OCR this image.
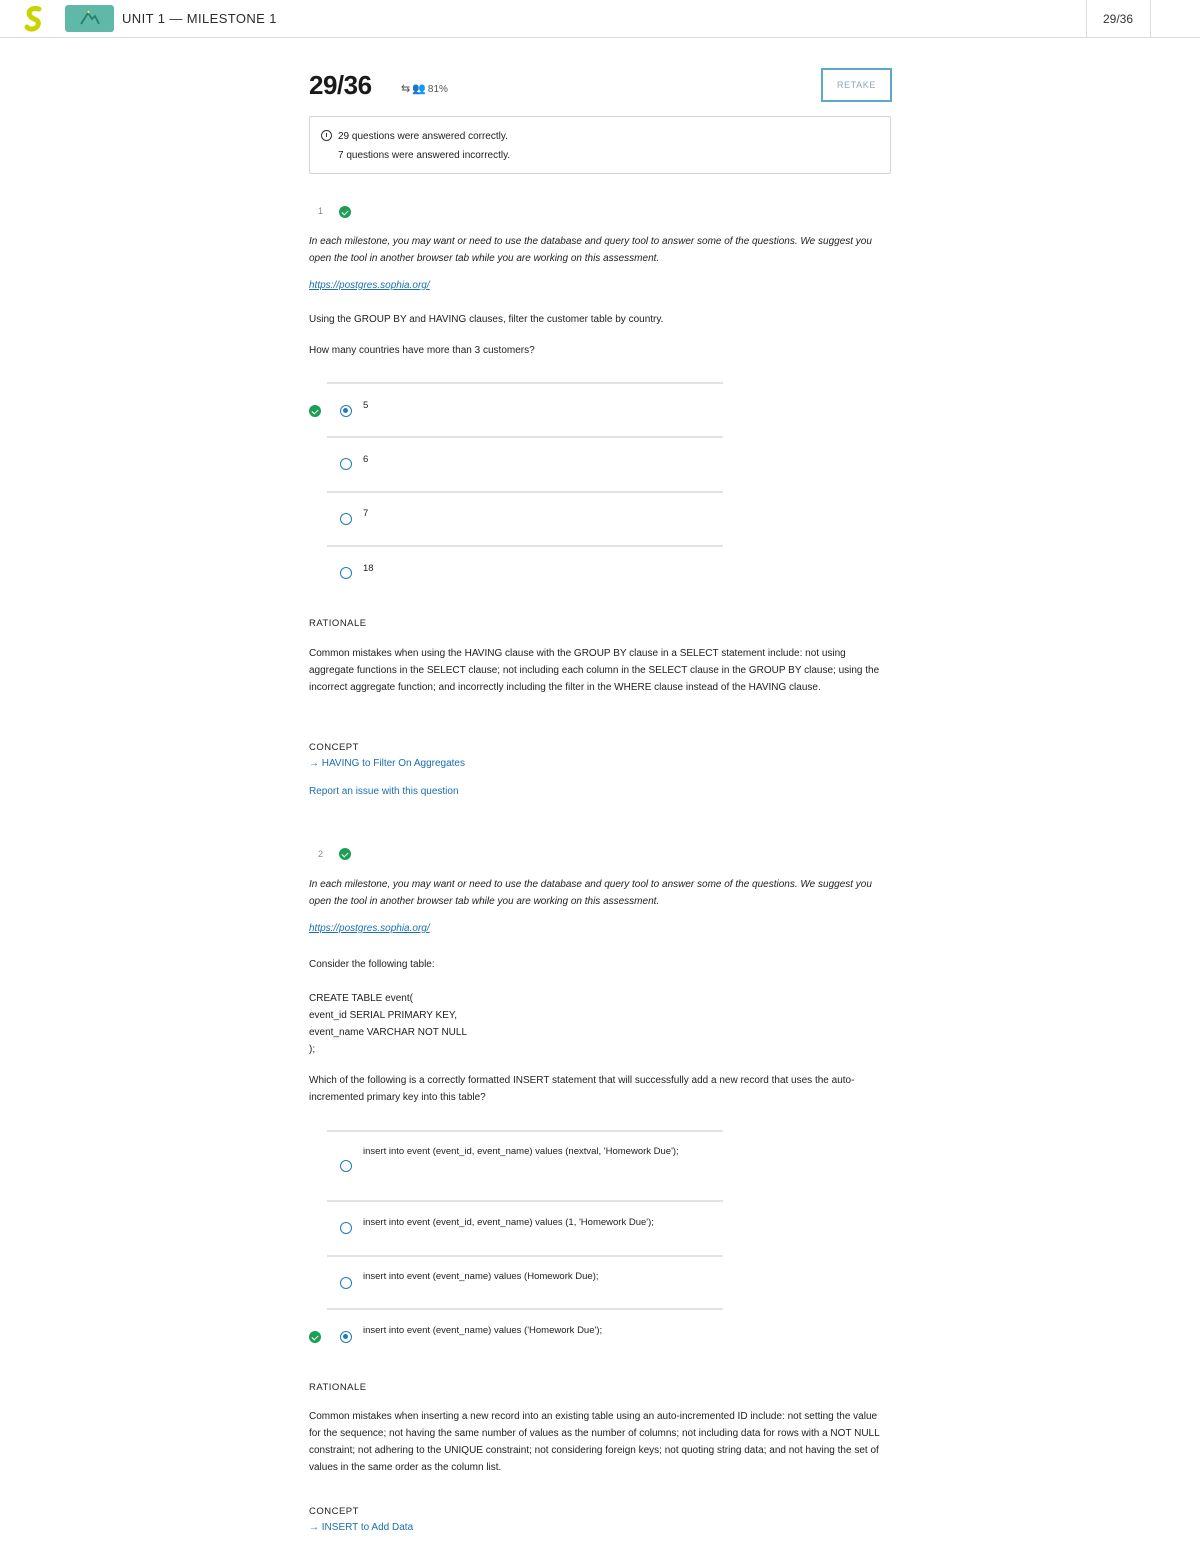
UNIT 1 — MILESTONE 1	29/36
29/36	⇆ 👥 81%	RETAKE
29 questions were answered correctly.
7 questions were answered incorrectly.
1
In each milestone, you may want or need to use the database and query tool to answer some of the questions. We suggest you open the tool in another browser tab while you are working on this assessment.
https://postgres.sophia.org/
Using the GROUP BY and HAVING clauses, filter the customer table by country.
How many countries have more than 3 customers?
5
6
7
18
RATIONALE
Common mistakes when using the HAVING clause with the GROUP BY clause in a SELECT statement include: not using aggregate functions in the SELECT clause; not including each column in the SELECT clause in the GROUP BY clause; using the incorrect aggregate function; and incorrectly including the filter in the WHERE clause instead of the HAVING clause.
CONCEPT
→ HAVING to Filter On Aggregates
Report an issue with this question
2
In each milestone, you may want or need to use the database and query tool to answer some of the questions. We suggest you open the tool in another browser tab while you are working on this assessment.
https://postgres.sophia.org/
Consider the following table:
CREATE TABLE event(
event_id SERIAL PRIMARY KEY,
event_name VARCHAR NOT NULL
);
Which of the following is a correctly formatted INSERT statement that will successfully add a new record that uses the auto-incremented primary key into this table?
insert into event (event_id, event_name) values (nextval, 'Homework Due');
insert into event (event_id, event_name) values (1, 'Homework Due');
insert into event (event_name) values (Homework Due);
insert into event (event_name) values ('Homework Due');
RATIONALE
Common mistakes when inserting a new record into an existing table using an auto-incremented ID include: not setting the value for the sequence; not having the same number of values as the number of columns; not including data for rows with a NOT NULL constraint; not adhering to the UNIQUE constraint; not considering foreign keys; not quoting string data; and not having the set of values in the same order as the column list.
CONCEPT
→ INSERT to Add Data
